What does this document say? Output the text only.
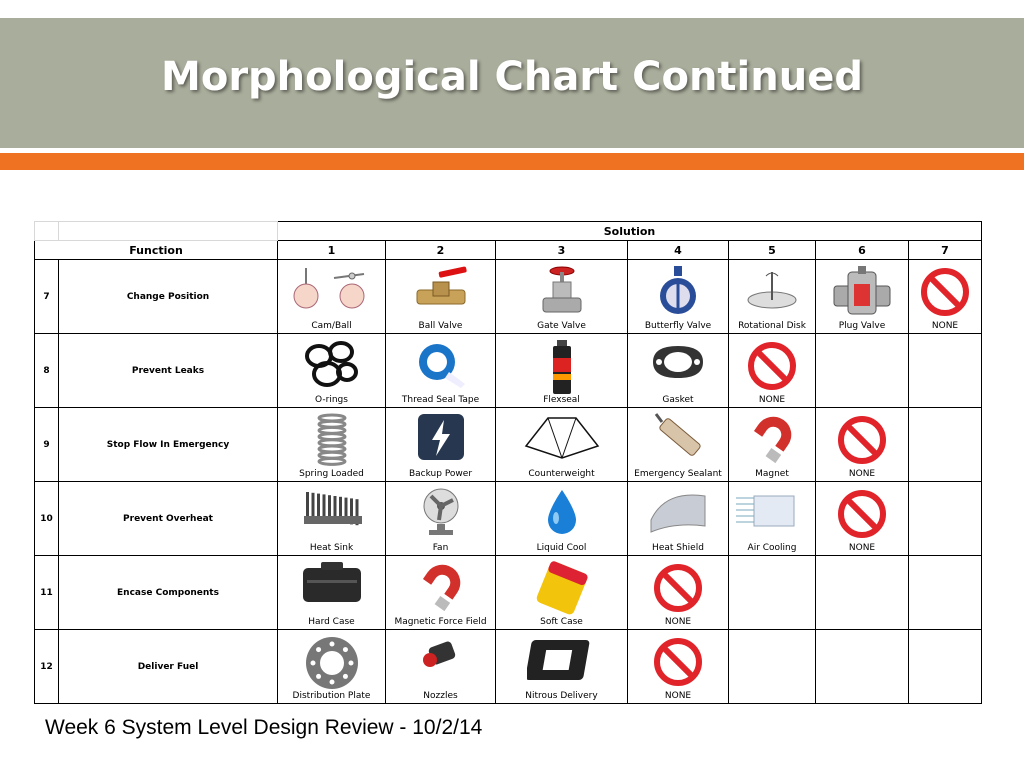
Morphological Chart Continued
		Solution						
Function		1	2	3	4	5	6	7
7	Change Position	Cam/Ball	Ball Valve	Gate Valve	Butterfly Valve	Rotational Disk	Plug Valve	NONE

8	Prevent Leaks	O-rings	Thread Seal Tape	Flexseal	Gasket	NONE		

9	Stop Flow In Emergency	Spring Loaded	Backup Power	Counterweight	Emergency Sealant	Magnet	NONE	

10	Prevent Overheat	Heat Sink	Fan	Liquid Cool	Heat Shield	Air Cooling	NONE	

11	Encase Components	Hard Case	Magnetic Force Field	Soft Case	NONE			

12	Deliver Fuel	Distribution Plate	Nozzles	Nitrous Delivery	NONE			

Week 6 System Level Design Review - 10/2/14
